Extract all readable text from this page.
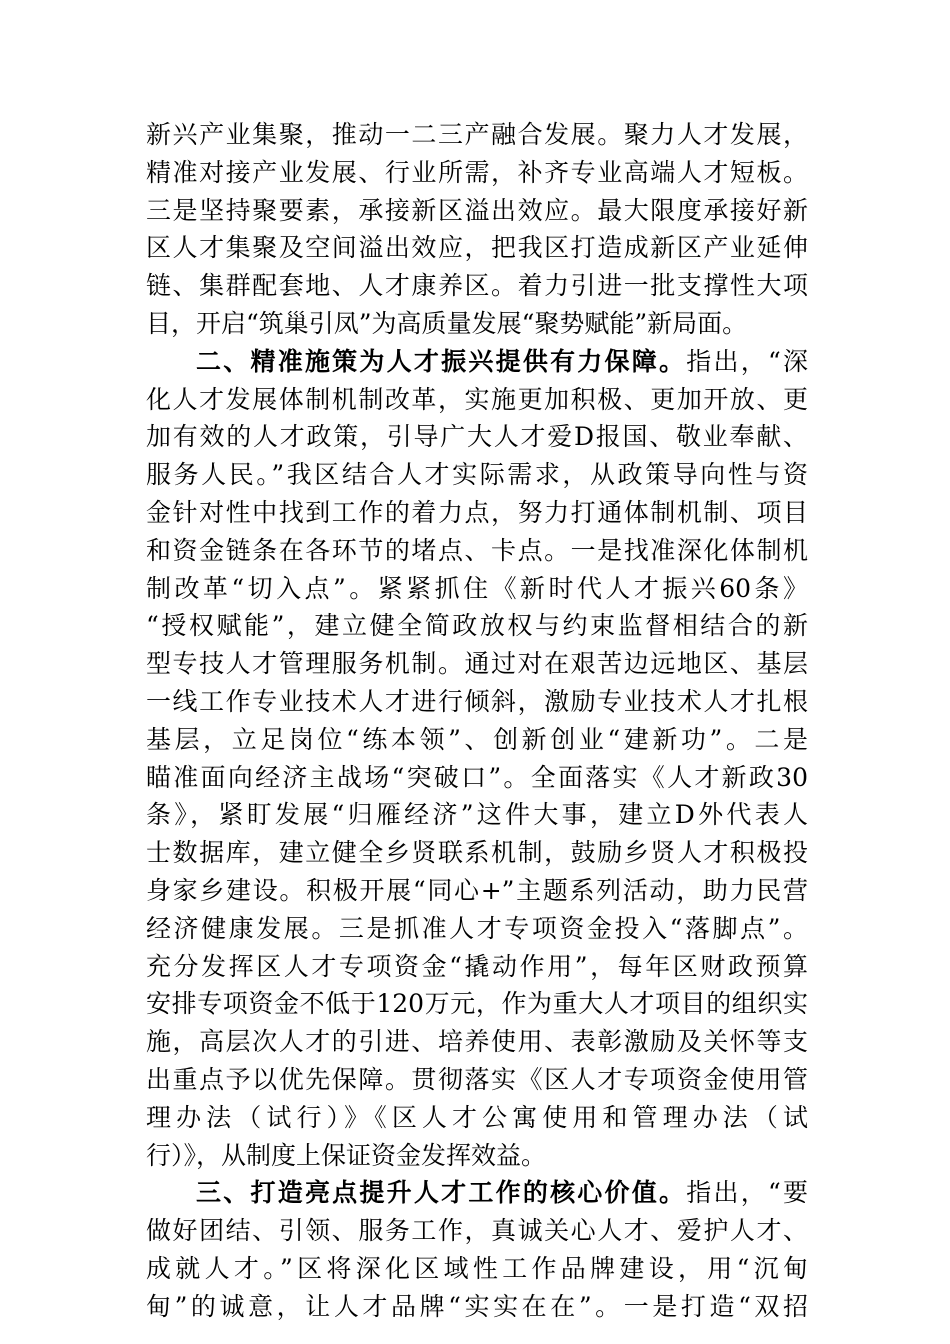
新兴产业集聚，推动一二三产融合发展。聚力人才发展，
精准对接产业发展、行业所需，补齐专业高端人才短板。
三是坚持聚要素，承接新区溢出效应。最大限度承接好新
区人才集聚及空间溢出效应，把我区打造成新区产业延伸
链、集群配套地、人才康养区。着力引进一批支撑性大项
目，开启“筑巢引凤”为高质量发展“聚势赋能”新局面。
二、精准施策为人才振兴提供有力保障。指出，“深
化人才发展体制机制改革，实施更加积极、更加开放、更
加有效的人才政策，引导广大人才爱D报国、敬业奉献、
服务人民。”我区结合人才实际需求，从政策导向性与资
金针对性中找到工作的着力点，努力打通体制机制、项目
和资金链条在各环节的堵点、卡点。一是找准深化体制机
制改革“切入点”。紧紧抓住《新时代人才振兴60条》
“授权赋能”，建立健全简政放权与约束监督相结合的新
型专技人才管理服务机制。通过对在艰苦边远地区、基层
一线工作专业技术人才进行倾斜，激励专业技术人才扎根
基层，立足岗位“练本领”、创新创业“建新功”。二是
瞄准面向经济主战场“突破口”。全面落实《人才新政30
条》，紧盯发展“归雁经济”这件大事，建立D外代表人
士数据库，建立健全乡贤联系机制，鼓励乡贤人才积极投
身家乡建设。积极开展“同心+”主题系列活动，助力民营
经济健康发展。三是抓准人才专项资金投入“落脚点”。
充分发挥区人才专项资金“撬动作用”，每年区财政预算
安排专项资金不低于120万元，作为重大人才项目的组织实
施，高层次人才的引进、培养使用、表彰激励及关怀等支
出重点予以优先保障。贯彻落实《区人才专项资金使用管
理办法（试行）》《区人才公寓使用和管理办法（试
行）》，从制度上保证资金发挥效益。
三、打造亮点提升人才工作的核心价值。指出，“要
做好团结、引领、服务工作，真诚关心人才、爱护人才、
成就人才。”区将深化区域性工作品牌建设，用“沉甸
甸”的诚意，让人才品牌“实实在在”。一是打造“双招
